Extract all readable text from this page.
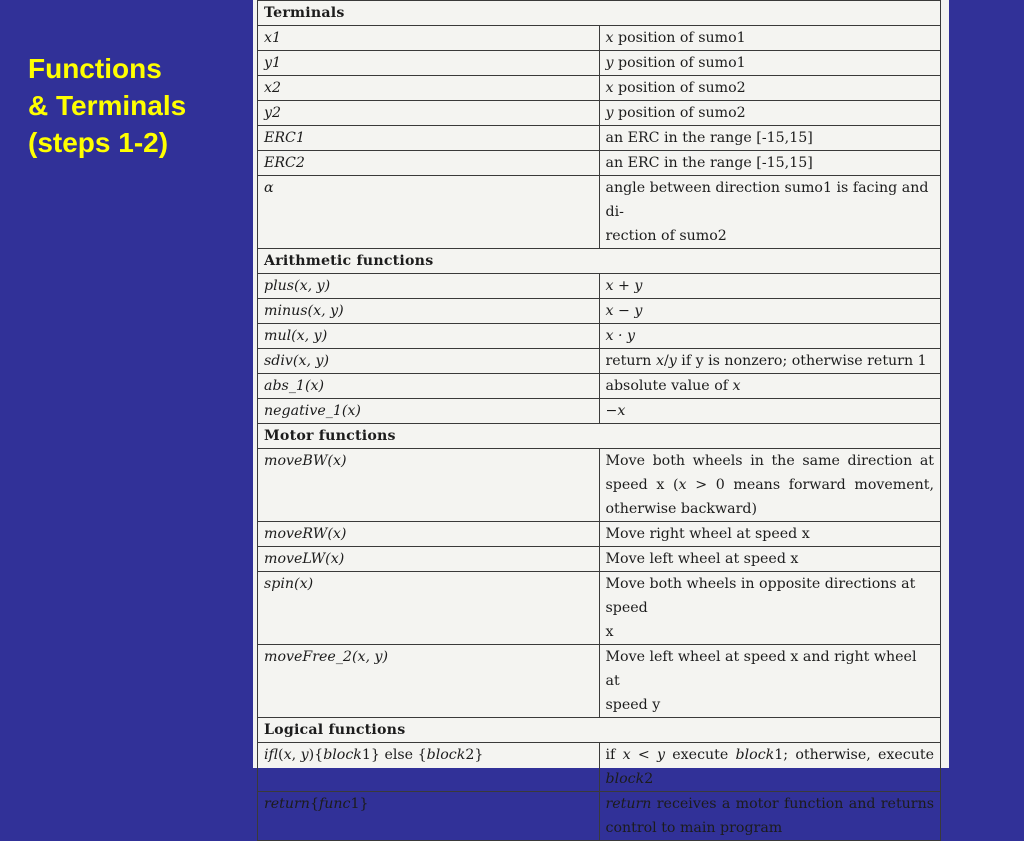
Functions
& Terminals
(steps 1-2)
Terminals	
x1	x position of sumo1
y1	y position of sumo1
x2	x position of sumo2
y2	y position of sumo2
ERC1	an ERC in the range [-15,15]
ERC2	an ERC in the range [-15,15]
α	angle between direction sumo1 is facing and di-
rection of sumo2

Arithmetic functions	
plus(x, y)	x + y
minus(x, y)	x − y
mul(x, y)	x · y
sdiv(x, y)	return x/y if y is nonzero; otherwise return 1
abs_1(x)	absolute value of x
negative_1(x)	−x
Motor functions	
moveBW(x)	Move both wheels in the same direction at speed x (x > 0 means forward movement, otherwise backward)
moveRW(x)	Move right wheel at speed x
moveLW(x)	Move left wheel at speed x
spin(x)	Move both wheels in opposite directions at speed
x

moveFree_2(x, y)	Move left wheel at speed x and right wheel at
speed y

Logical functions	
ifl(x, y){block1} else {block2}	if x < y execute block1; otherwise, execute block2
return{func1}	return receives a motor function and returns control to main program
